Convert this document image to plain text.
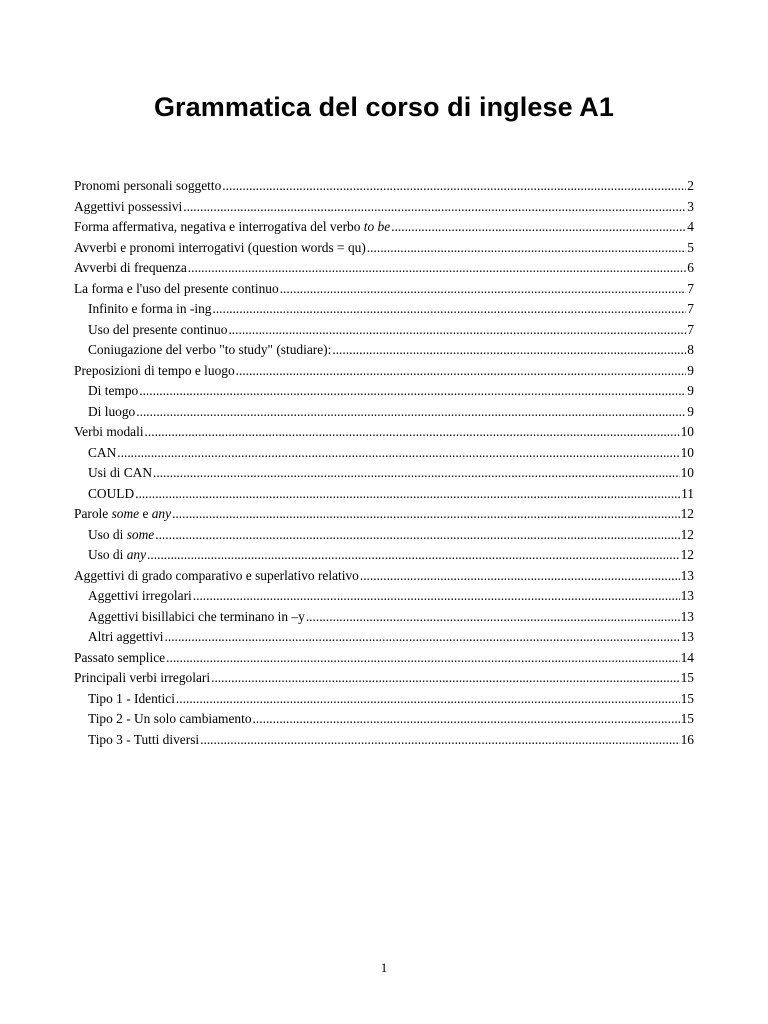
Grammatica del corso di inglese A1
Pronomi personali soggetto .....	2
Aggettivi possessivi .....	3
Forma affermativa, negativa e interrogativa del verbo to be .....	4
Avverbi e pronomi interrogativi (question words = qu) .....	5
Avverbi di frequenza .....	6
La forma e l'uso del presente continuo .....	7
Infinito e forma in -ing .....	7
Uso del presente continuo .....	7
Coniugazione del verbo "to study" (studiare): .....	8
Preposizioni di tempo e luogo .....	9
Di tempo .....	9
Di luogo .....	9
Verbi modali .....	10
CAN .....	10
Usi di CAN .....	10
COULD .....	11
Parole some e any .....	12
Uso di some .....	12
Uso di any .....	12
Aggettivi di grado comparativo e superlativo relativo .....	13
Aggettivi irregolari .....	13
Aggettivi bisillabici che terminano in –y .....	13
Altri aggettivi .....	13
Passato semplice .....	14
Principali verbi irregolari .....	15
Tipo 1 - Identici .....	15
Tipo 2 - Un solo cambiamento .....	15
Tipo 3 - Tutti diversi .....	16
1
